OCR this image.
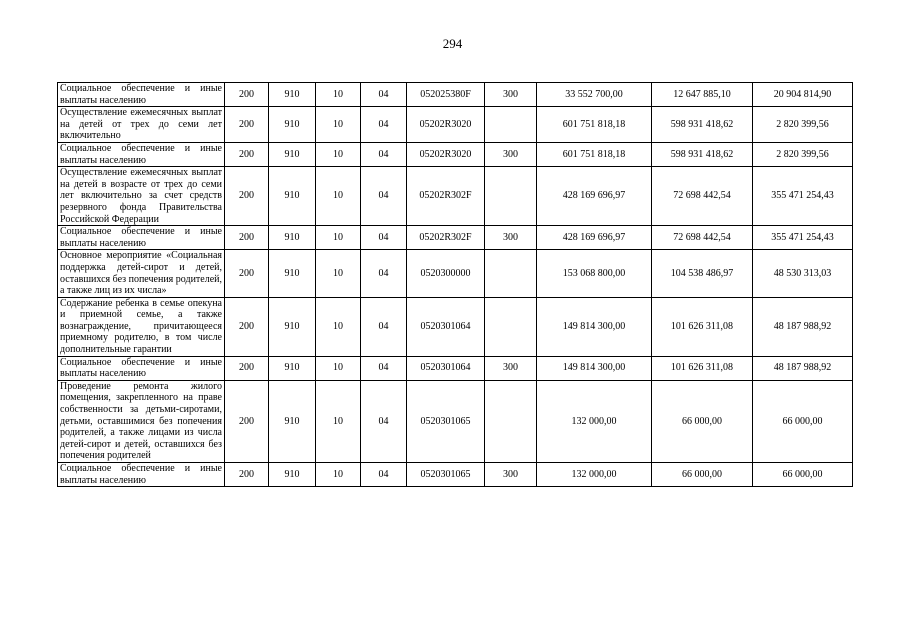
294
Социальное обеспечение и иные выплаты населению	200	910	10	04	052025380F	300	33 552 700,00	12 647 885,10	20 904 814,90
Осуществление ежемесячных выплат на детей от трех до семи лет включительно	200	910	10	04	05202R3020		601 751 818,18	598 931 418,62	2 820 399,56
Социальное обеспечение и иные выплаты населению	200	910	10	04	05202R3020	300	601 751 818,18	598 931 418,62	2 820 399,56
Осуществление ежемесячных выплат на детей в возрасте от трех до семи лет включительно за счет средств резервного фонда Правительства Российской Федерации	200	910	10	04	05202R302F		428 169 696,97	72 698 442,54	355 471 254,43
Социальное обеспечение и иные выплаты населению	200	910	10	04	05202R302F	300	428 169 696,97	72 698 442,54	355 471 254,43
Основное мероприятие «Социальная поддержка детей-сирот и детей, оставшихся без попечения родителей, а также лиц из их числа»	200	910	10	04	0520300000		153 068 800,00	104 538 486,97	48 530 313,03
Содержание ребенка в семье опекуна и приемной семье, а также вознаграждение, причитающееся приемному родителю, в том числе дополнительные гарантии	200	910	10	04	0520301064		149 814 300,00	101 626 311,08	48 187 988,92
Социальное обеспечение и иные выплаты населению	200	910	10	04	0520301064	300	149 814 300,00	101 626 311,08	48 187 988,92
Проведение ремонта жилого помещения, закрепленного на праве собственности за детьми-сиротами, детьми, оставшимися без попечения родителей, а также лицами из числа детей-сирот и детей, оставшихся без попечения родителей	200	910	10	04	0520301065		132 000,00	66 000,00	66 000,00
Социальное обеспечение и иные выплаты населению	200	910	10	04	0520301065	300	132 000,00	66 000,00	66 000,00
